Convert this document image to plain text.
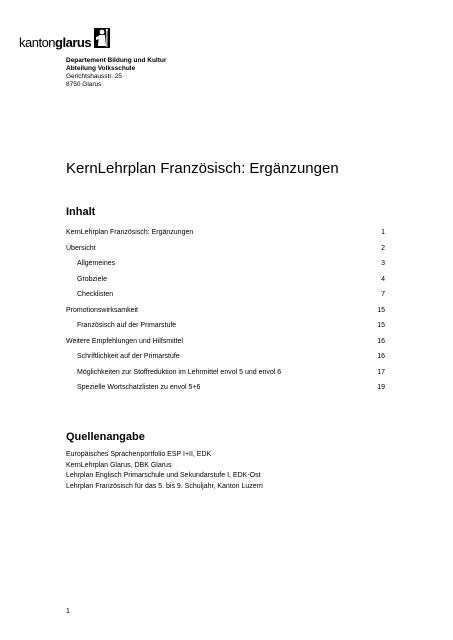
kantonglarus
Departement Bildung und Kultur
Abteilung Volksschule
Gerichtshausstr. 25
8750 Glarus
KernLehrplan Französisch: Ergänzungen
Inhalt
KernLehrplan Französisch: Ergänzungen	1
Übersicht	2
Allgemeines	3
Grobziele	4
Checklisten	7
Promotionswirksamkeit	15
Französisch auf der Primarstufe	15
Weitere Empfehlungen und Hilfsmittel	16
Schriftlichkeit auf der Primarstufe	16
Möglichkeiten zur Stoffreduktion im Lehrmittel envol 5 und envol 6	17
Spezielle Wortschatzlisten zu envol 5+6	19
Quellenangabe
Europäisches Sprachenportfolio ESP I+II, EDK
KernLehrplan Glarus, DBK Glarus
Lehrplan Englisch Primarschule und Sekundarstufe I, EDK-Ost
Lehrplan Französisch für das 5. bis 9. Schuljahr, Kanton Luzern
1
